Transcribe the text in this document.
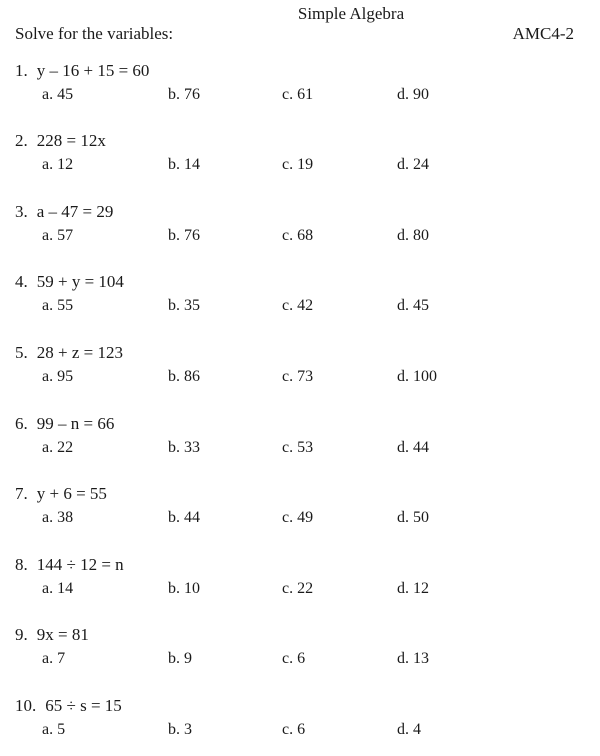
Simple Algebra
Solve for the variables:	AMC4-2
1. y – 16 + 15 = 60
a. 45	b. 76	c. 61	d. 90
2. 228 = 12x
a. 12	b. 14	c. 19	d. 24
3. a – 47 = 29
a. 57	b. 76	c. 68	d. 80
4. 59 + y = 104
a. 55	b. 35	c. 42	d. 45
5. 28 + z = 123
a. 95	b. 86	c. 73	d. 100
6. 99 – n = 66
a. 22	b. 33	c. 53	d. 44
7. y + 6 = 55
a. 38	b. 44	c. 49	d. 50
8. 144 ÷ 12 = n
a. 14	b. 10	c. 22	d. 12
9. 9x = 81
a. 7	b. 9	c. 6	d. 13
10. 65 ÷ s = 15
a. 5	b. 3	c. 6	d. 4
